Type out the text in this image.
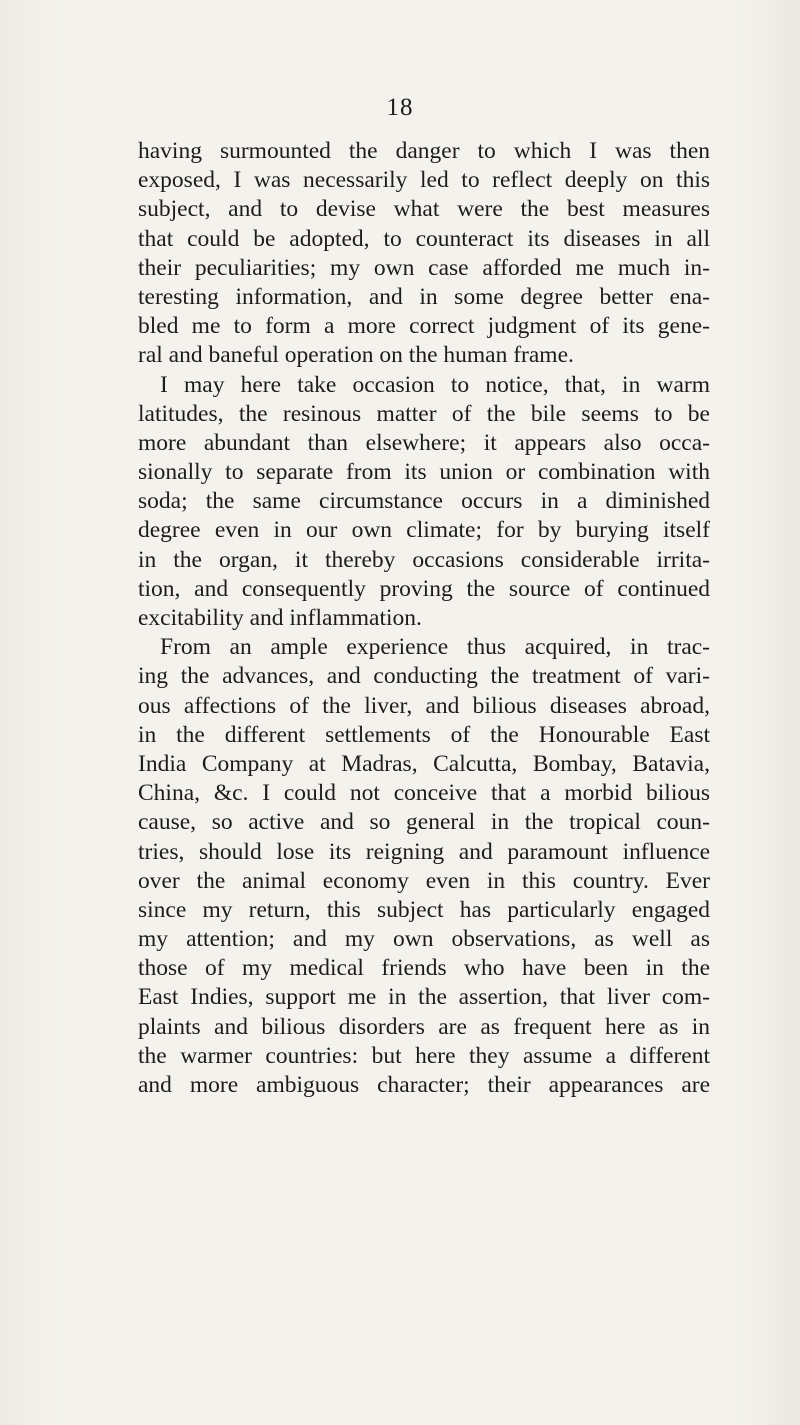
18
having surmounted the danger to which I was then
exposed, I was necessarily led to reflect deeply on this
subject, and to devise what were the best measures
that could be adopted, to counteract its diseases in all
their peculiarities; my own case afforded me much in-
teresting information, and in some degree better ena-
bled me to form a more correct judgment of its gene-
ral and baneful operation on the human frame.
I may here take occasion to notice, that, in warm
latitudes, the resinous matter of the bile seems to be
more abundant than elsewhere; it appears also occa-
sionally to separate from its union or combination with
soda; the same circumstance occurs in a diminished
degree even in our own climate; for by burying itself
in the organ, it thereby occasions considerable irrita-
tion, and consequently proving the source of continued
excitability and inflammation.
From an ample experience thus acquired, in trac-
ing the advances, and conducting the treatment of vari-
ous affections of the liver, and bilious diseases abroad,
in the different settlements of the Honourable East
India Company at Madras, Calcutta, Bombay, Batavia,
China, &c. I could not conceive that a morbid bilious
cause, so active and so general in the tropical coun-
tries, should lose its reigning and paramount influence
over the animal economy even in this country. Ever
since my return, this subject has particularly engaged
my attention; and my own observations, as well as
those of my medical friends who have been in the
East Indies, support me in the assertion, that liver com-
plaints and bilious disorders are as frequent here as in
the warmer countries: but here they assume a different
and more ambiguous character; their appearances are
